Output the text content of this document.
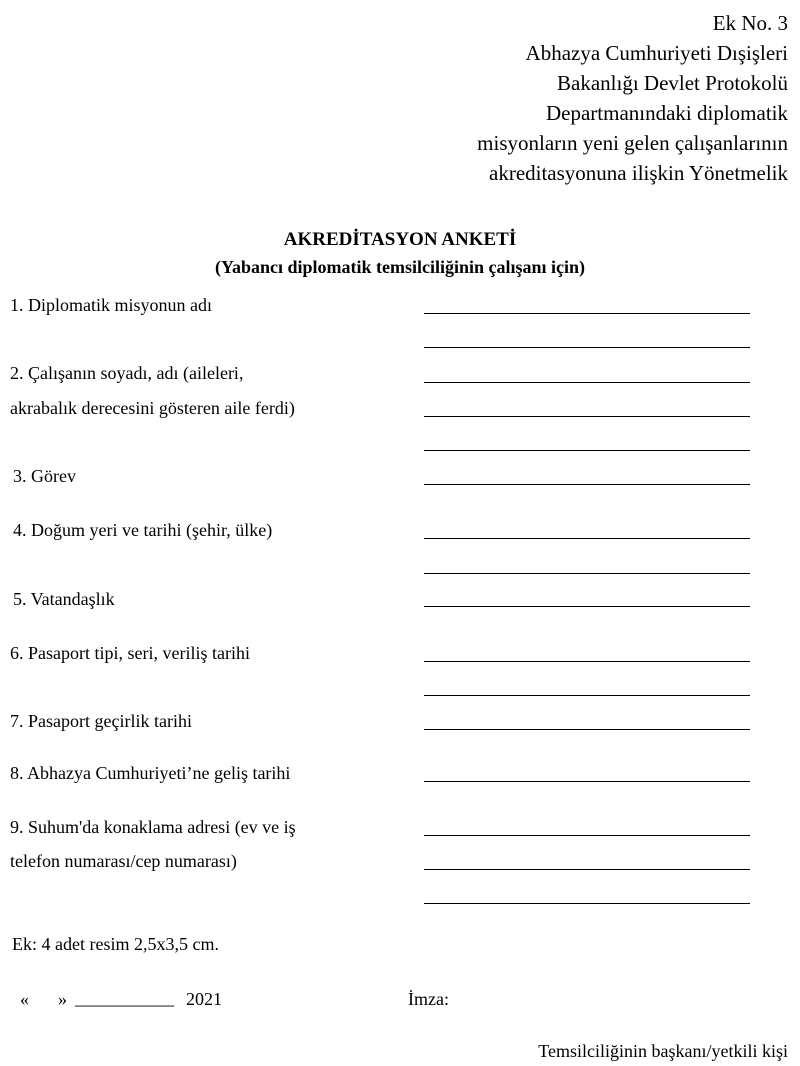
Ek No. 3
Abhazya Cumhuriyeti Dışişleri
Bakanlığı Devlet Protokolü
Departmanındaki diplomatik
misyonların yeni gelen çalışanlarının
akreditasyonuna ilişkin Yönetmelik
AKREDİTASYON ANKETİ
(Yabancı diplomatik temsilciliğinin çalışanı için)
1. Diplomatik misyonun adı
2. Çalışanın soyadı, adı (aileleri,
akrabalık derecesini gösteren aile ferdi)
3. Görev
4. Doğum yeri ve tarihi (şehir, ülke)
5. Vatandaşlık
6. Pasaport tipi, seri, veriliş tarihi
7. Pasaport geçirlik tarihi
8. Abhazya Cumhuriyeti’ne geliş tarihi
9. Suhum'da konaklama adresi (ev ve iş
telefon numarası/cep numarası)
Ek: 4 adet resim 2,5x3,5 cm.
« » ___________ 2021	İmza:
Temsilciliğinin başkanı/yetkili kişi
